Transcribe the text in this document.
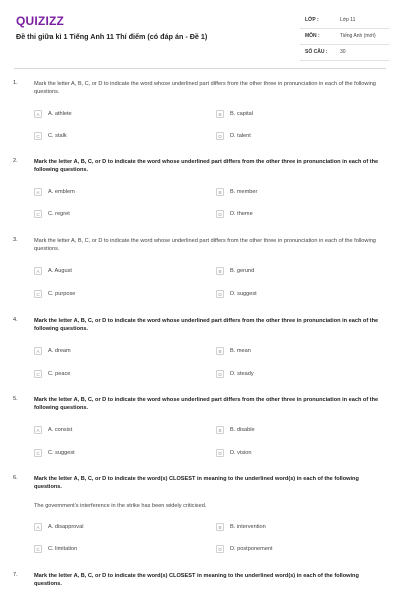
QUIZIZZ
Đề thi giữa kì 1 Tiếng Anh 11 Thí điểm (có đáp án - Đề 1)
LỚP :	Lớp 11
MÔN :	Tiếng Anh (mới)
SỐ CÂU :	30
1.	Mark the letter A, B, C, or D to indicate the word whose underlined part differs from the other three in pronunciation in each of the following questions.
A	A. athlete	B	B. capital
C	C. stalk	D	D. talent
2.	Mark the letter A, B, C, or D to indicate the word whose underlined part differs from the other three in pronunciation in each of the following questions.
A	A. emblem	B	B. member
C	C. regret	D	D. theme
3.	Mark the letter A, B, C, or D to indicate the word whose underlined part differs from the other three in pronunciation in each of the following questions.
A	A. August	B	B. gerund
C	C. purpose	D	D. suggest
4.	Mark the letter A, B, C, or D to indicate the word whose underlined part differs from the other three in pronunciation in each of the following questions.
A	A. dream	B	B. mean
C	C. peace	D	D. steady
5.	Mark the letter A, B, C, or D to indicate the word whose underlined part differs from the other three in pronunciation in each of the following questions.
A	A. consist	B	B. disable
C	C. suggest	D	D. vision
6.	Mark the letter A, B, C, or D to indicate the word(s) CLOSEST in meaning to the underlined word(s) in each of the following questions.
The government's interference in the strike has been widely criticised.
A	A. disapproval	B	B. intervention
C	C. limitation	D	D. postponement
7.	Mark the letter A, B, C, or D to indicate the word(s) CLOSEST in meaning to the underlined word(s) in each of the following questions.
